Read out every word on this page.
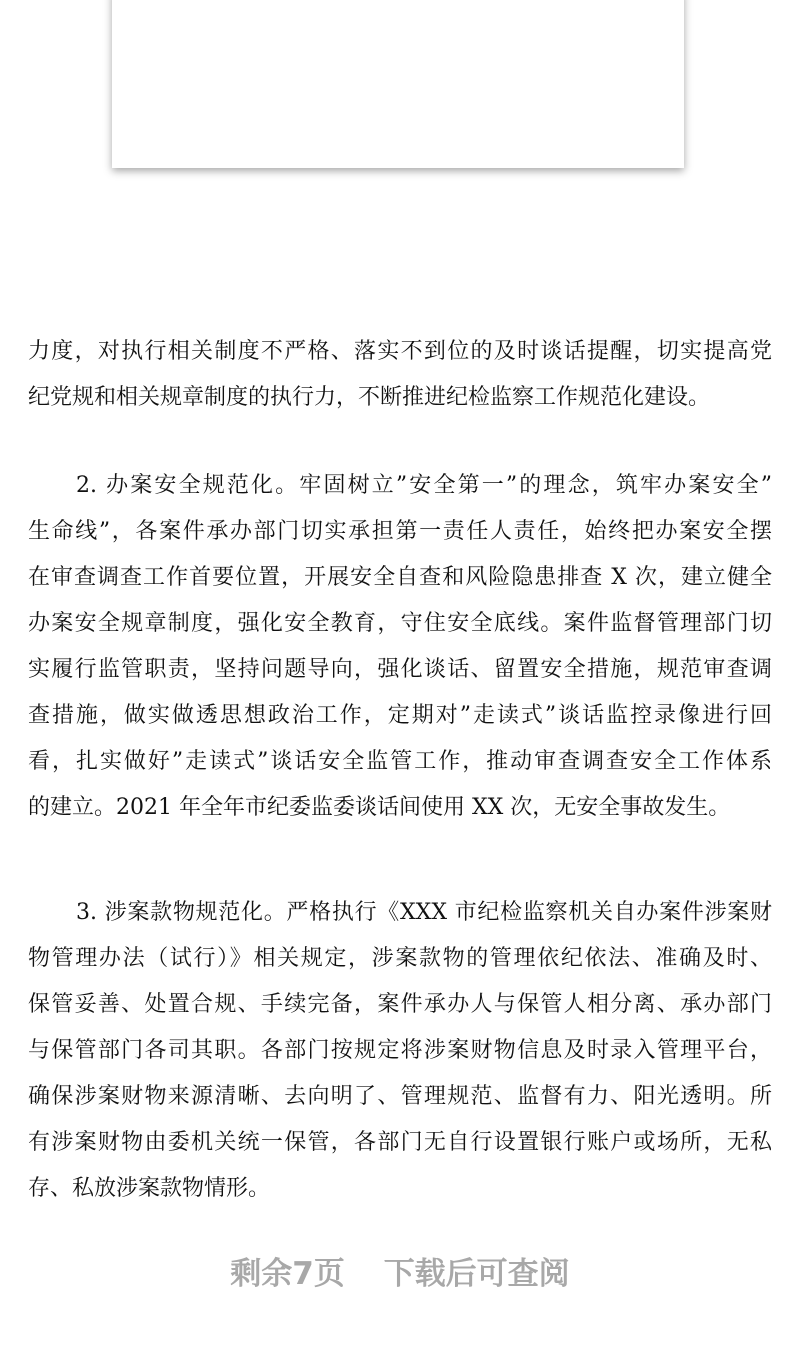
力度，对执行相关制度不严格、落实不到位的及时谈话提醒，切实提高党
纪党规和相关规章制度的执行力，不断推进纪检监察工作规范化建设。
2. 办案安全规范化。牢固树立”安全第一”的理念，筑牢办案安全”
生命线”，各案件承办部门切实承担第一责任人责任，始终把办案安全摆
在审查调查工作首要位置，开展安全自查和风险隐患排查 X 次，建立健全
办案安全规章制度，强化安全教育，守住安全底线。案件监督管理部门切
实履行监管职责，坚持问题导向，强化谈话、留置安全措施，规范审查调
查措施，做实做透思想政治工作，定期对”走读式”谈话监控录像进行回
看，扎实做好”走读式”谈话安全监管工作，推动审查调查安全工作体系
的建立。2021 年全年市纪委监委谈话间使用 XX 次，无安全事故发生。
3. 涉案款物规范化。严格执行《XXX 市纪检监察机关自办案件涉案财
物管理办法（试行）》相关规定，涉案款物的管理依纪依法、准确及时、
保管妥善、处置合规、手续完备，案件承办人与保管人相分离、承办部门
与保管部门各司其职。各部门按规定将涉案财物信息及时录入管理平台，
确保涉案财物来源清晰、去向明了、管理规范、监督有力、阳光透明。所
有涉案财物由委机关统一保管，各部门无自行设置银行账户或场所，无私
存、私放涉案款物情形。
剩余7页 下载后可查阅
